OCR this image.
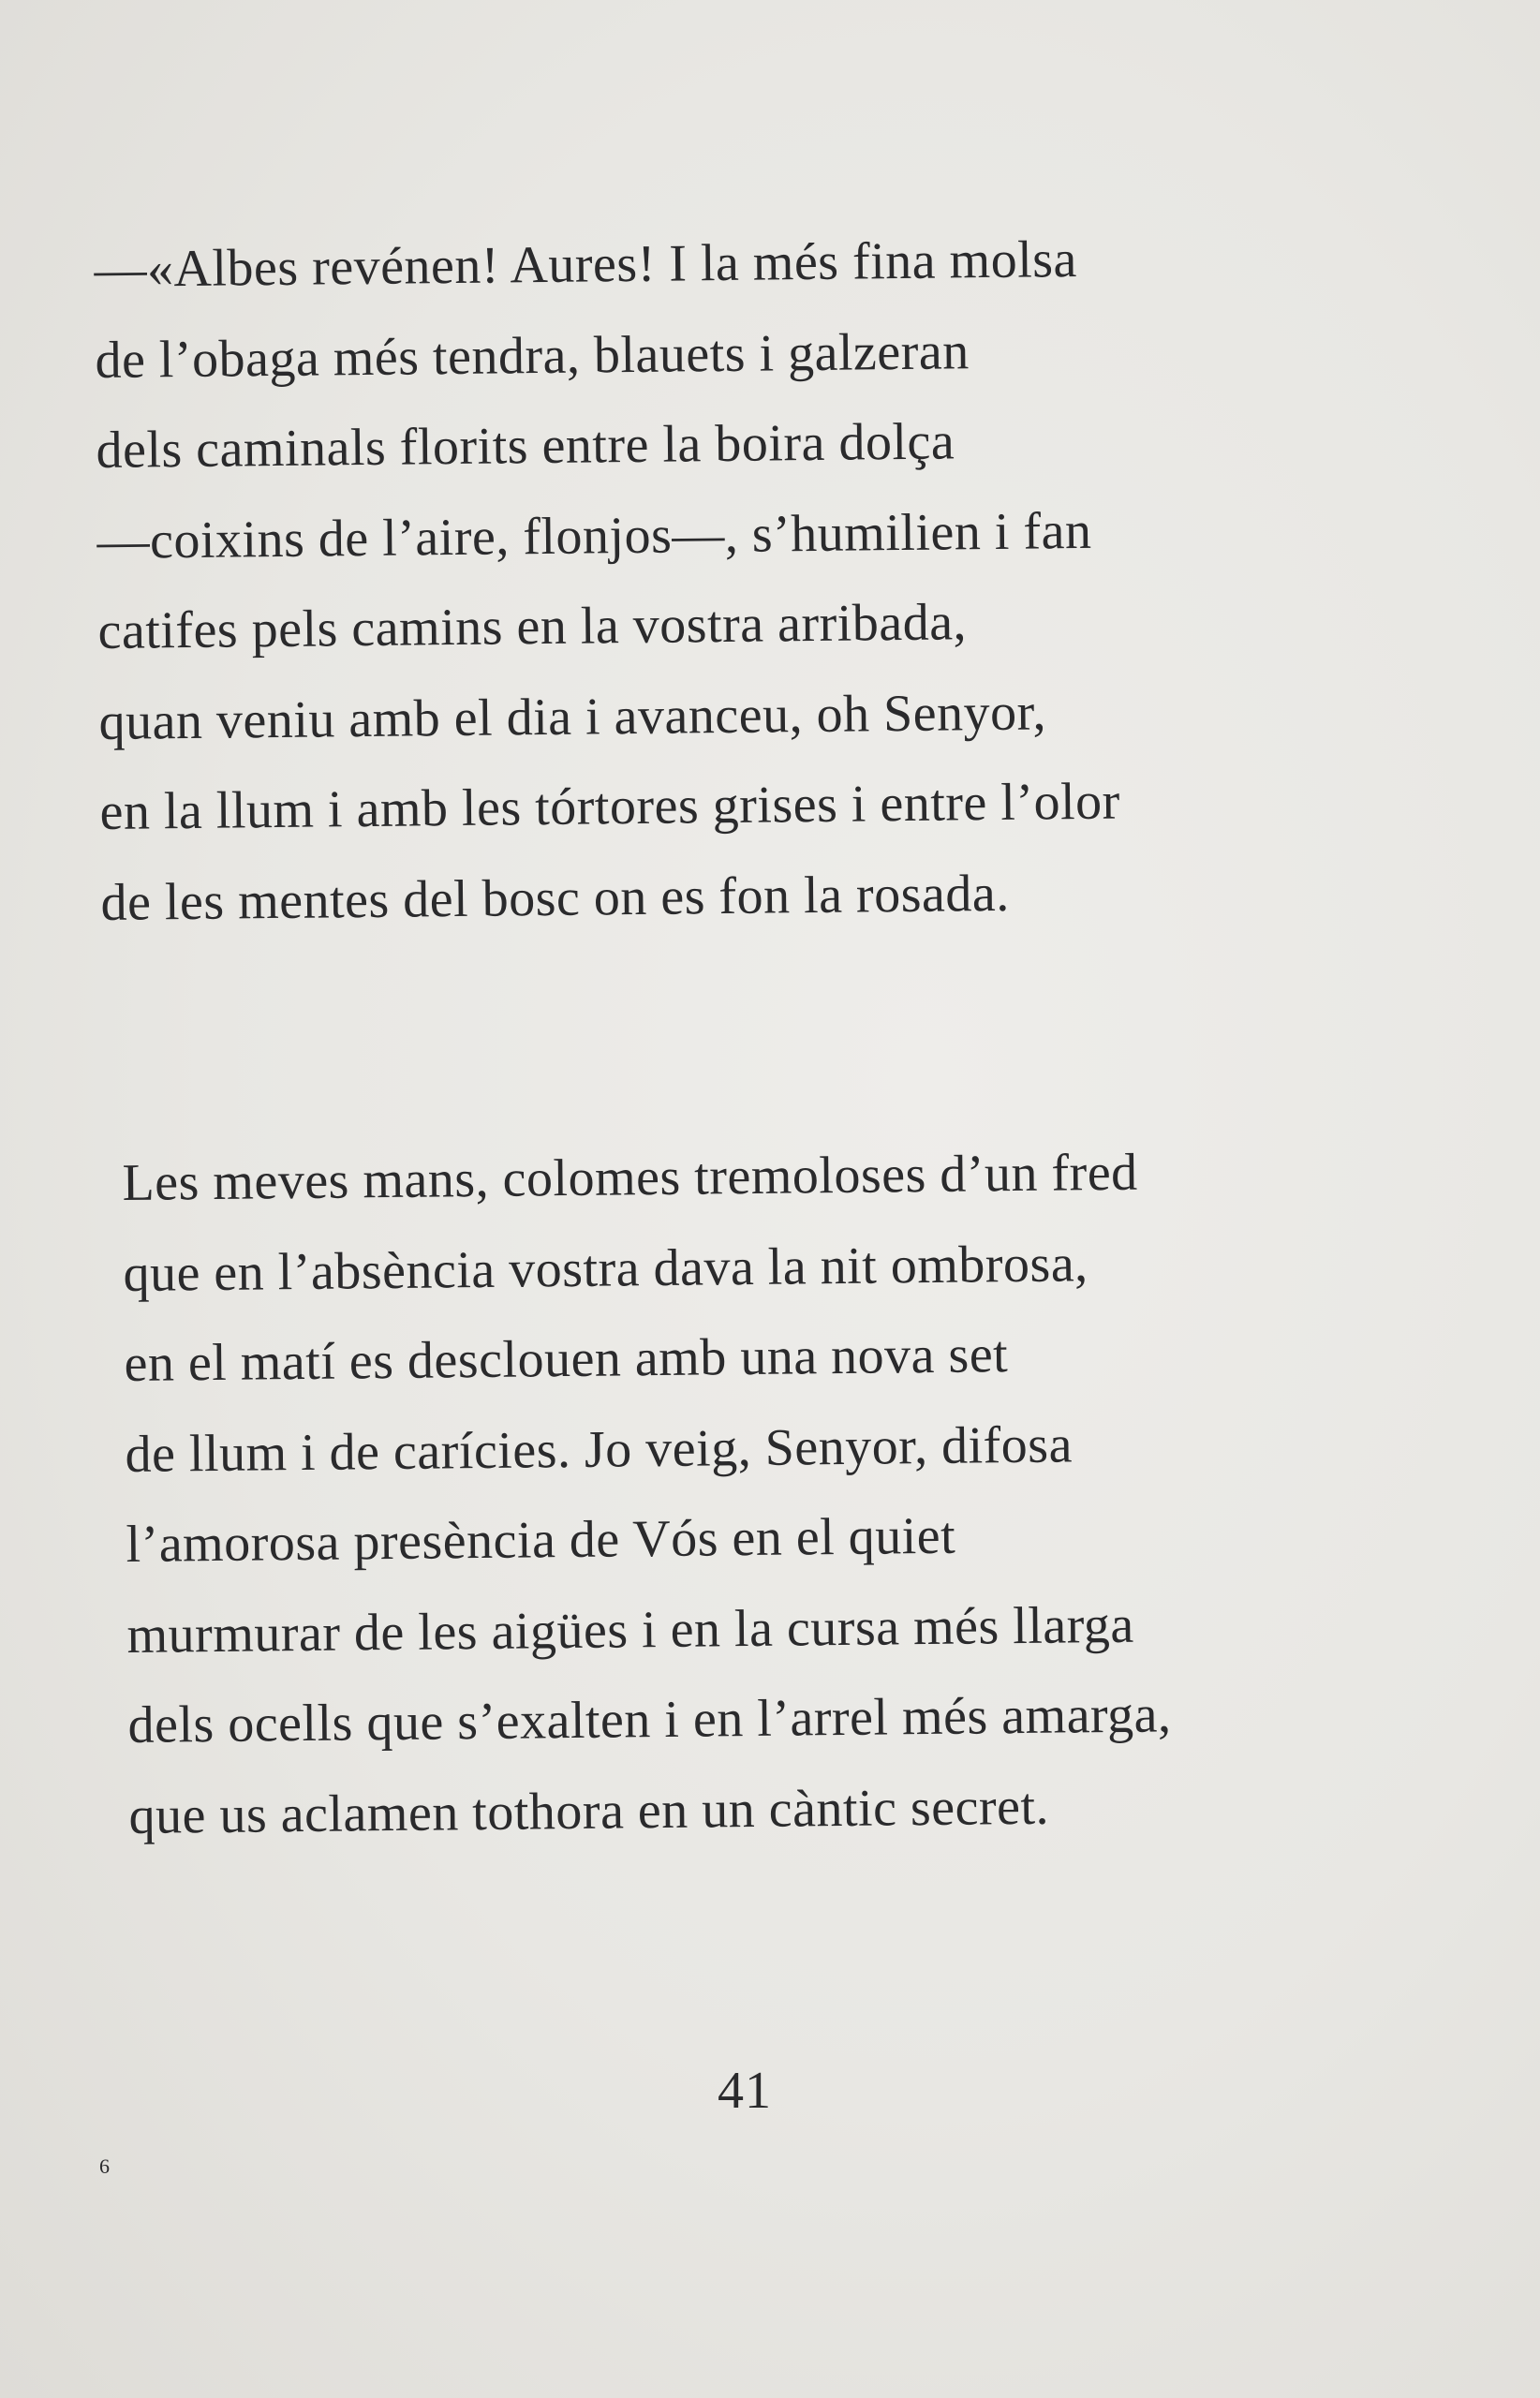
—«Albes revénen! Aures! I la més fina molsa
de l’obaga més tendra, blauets i galzeran
dels caminals florits entre la boira dolça
—coixins de l’aire, flonjos—, s’humilien i fan
catifes pels camins en la vostra arribada,
quan veniu amb el dia i avanceu, oh Senyor,
en la llum i amb les tórtores grises i entre l’olor
de les mentes del bosc on es fon la rosada.
Les meves mans, colomes tremoloses d’un fred
que en l’absència vostra dava la nit ombrosa,
en el matí es desclouen amb una nova set
de llum i de carícies. Jo veig, Senyor, difosa
l’amorosa presència de Vós en el quiet
murmurar de les aigües i en la cursa més llarga
dels ocells que s’exalten i en l’arrel més amarga,
que us aclamen tothora en un càntic secret.
41
6
